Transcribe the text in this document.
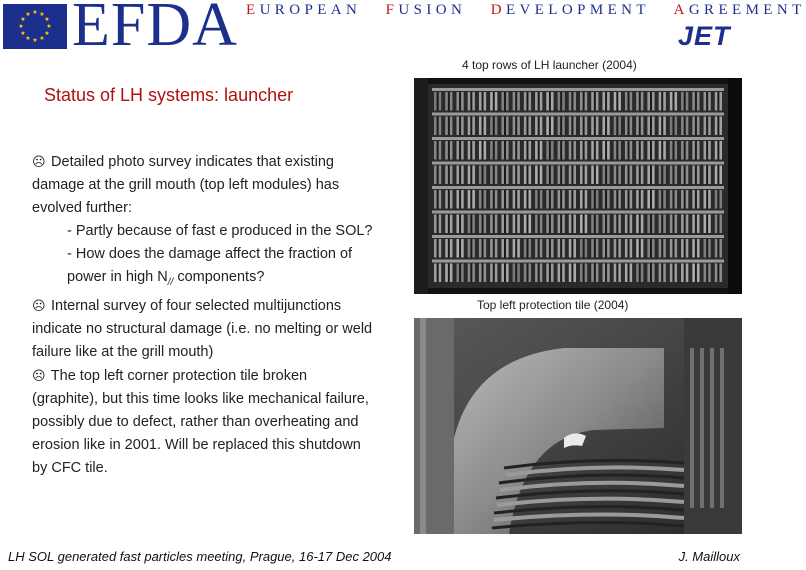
★ ★
★
★
★
★
★
★
★
★
★
★ EFDA EUROPEAN FUSION DEVELOPMENT AGREEMENT
JET
Status of LH systems: launcher
☹ Detailed photo survey indicates that existing damage at the grill mouth (top left modules) has evolved further:
- Partly because of fast e produced in the SOL?
- How does the damage affect the fraction of power in high $N_{//}$ components?
☹ Internal survey of four selected multijunctions indicate no structural damage (i.e. no melting or weld failure like at the grill mouth)
☹ The top left corner protection tile broken (graphite), but this time looks like mechanical failure, possibly due to defect, rather than overheating and erosion like in 2001. Will be replaced this shutdown by CFC tile.
4 top rows of LH launcher (2004)
Top left protection tile (2004)
LH SOL generated fast particles meeting, Prague, 16-17 Dec 2004	J. Mailloux
